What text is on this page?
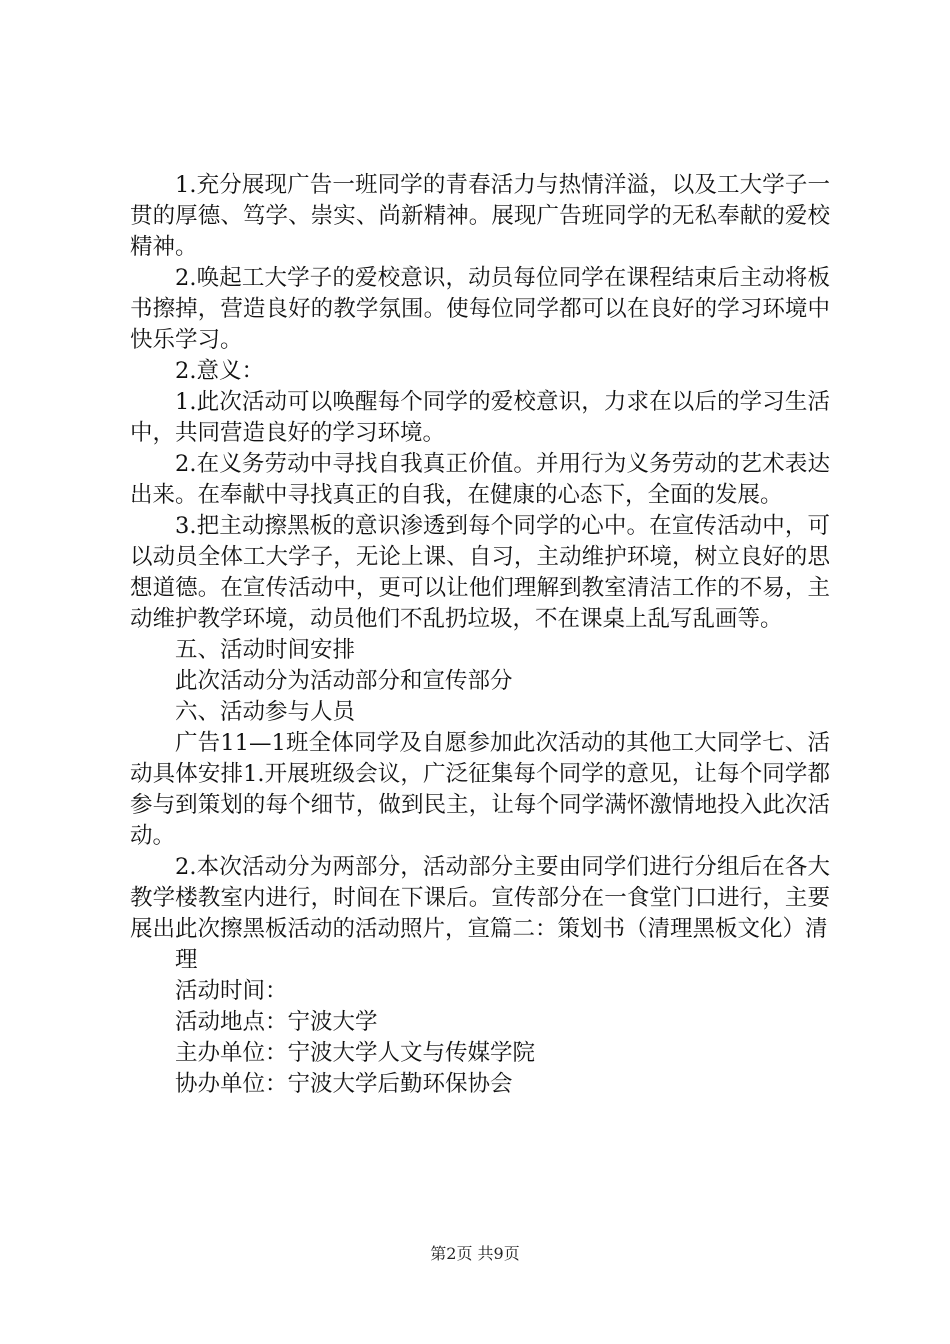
1.充分展现广告一班同学的青春活力与热情洋溢，以及工大学子一贯的厚德、笃学、崇实、尚新精神。展现广告班同学的无私奉献的爱校精神。

2.唤起工大学子的爱校意识，动员每位同学在课程结束后主动将板书擦掉，营造良好的教学氛围。使每位同学都可以在良好的学习环境中快乐学习。

2.意义：

1.此次活动可以唤醒每个同学的爱校意识，力求在以后的学习生活中，共同营造良好的学习环境。

2.在义务劳动中寻找自我真正价值。并用行为义务劳动的艺术表达出来。在奉献中寻找真正的自我，在健康的心态下，全面的发展。

3.把主动擦黑板的意识渗透到每个同学的心中。在宣传活动中，可以动员全体工大学子，无论上课、自习，主动维护环境，树立良好的思想道德。在宣传活动中，更可以让他们理解到教室清洁工作的不易，主动维护教学环境，动员他们不乱扔垃圾，不在课桌上乱写乱画等。

五、活动时间安排

此次活动分为活动部分和宣传部分

六、活动参与人员

广告11—1班全体同学及自愿参加此次活动的其他工大同学七、活动具体安排1.开展班级会议，广泛征集每个同学的意见，让每个同学都参与到策划的每个细节，做到民主，让每个同学满怀激情地投入此次活动。

2.本次活动分为两部分，活动部分主要由同学们进行分组后在各大教学楼教室内进行，时间在下课后。宣传部分在一食堂门口进行，主要展出此次擦黑板活动的活动照片，宣篇二：策划书（清理黑板文化）清

理

活动时间：

活动地点：宁波大学

主办单位：宁波大学人文与传媒学院

协办单位：宁波大学后勤环保协会

第2页 共9页
